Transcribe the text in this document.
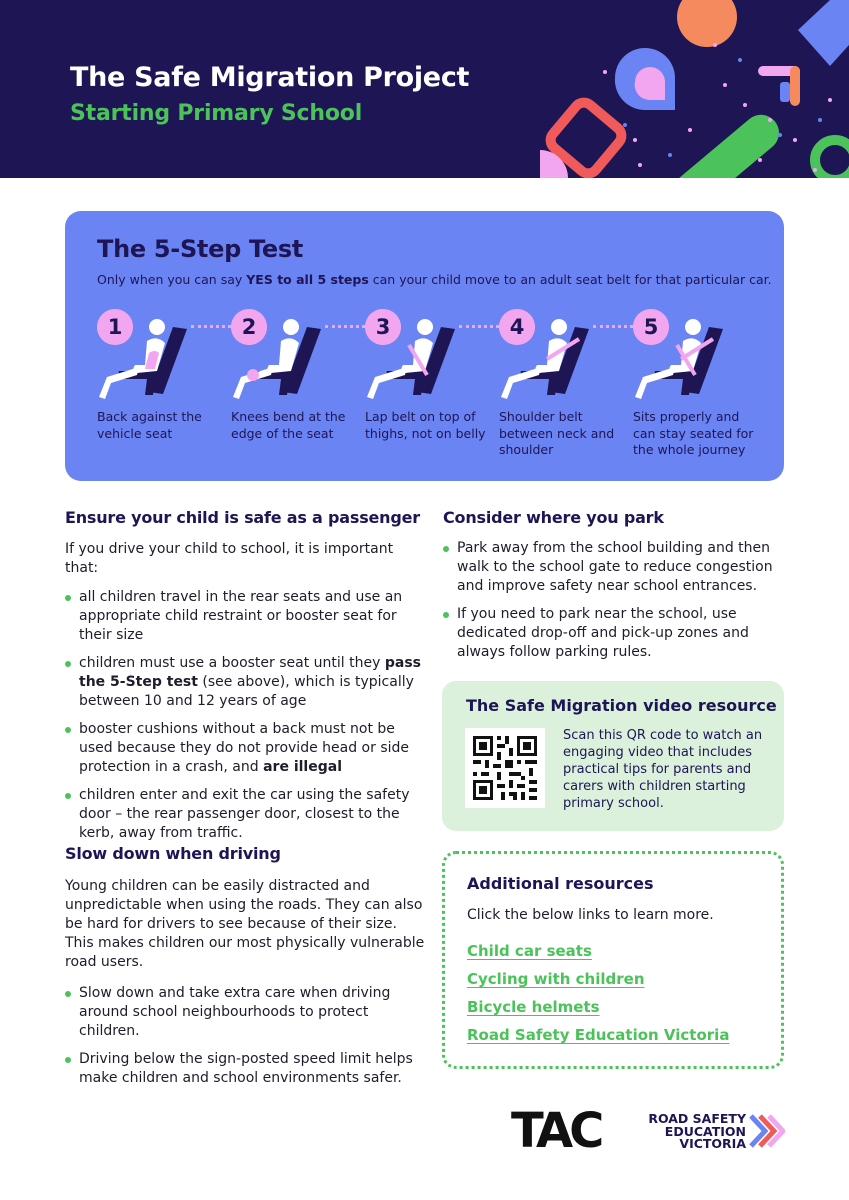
The Safe Migration Project
Starting Primary School
The 5-Step Test
Only when you can say YES to all 5 steps can your child move to an adult seat belt for that particular car.
1
Back against the vehicle seat
2
Knees bend at the edge of the seat
3
Lap belt on top of thighs, not on belly
4
Shoulder belt between neck and shoulder
5
Sits properly and can stay seated for the whole journey
Ensure your child is safe as a passenger

If you drive your child to school, it is important that:

all children travel in the rear seats and use an appropriate child restraint or booster seat for their size
children must use a booster seat until they pass the 5-Step test (see above), which is typically between 10 and 12 years of age
booster cushions without a back must not be used because they do not provide head or side protection in a crash, and are illegal
children enter and exit the car using the safety door – the rear passenger door, closest to the kerb, away from traffic.
Slow down when driving

Young children can be easily distracted and unpredictable when using the roads. They can also be hard for drivers to see because of their size. This makes children our most physically vulnerable road users.

Slow down and take extra care when driving around school neighbourhoods to protect children.
Driving below the sign-posted speed limit helps make children and school environments safer.
Consider where you park
Park away from the school building and then walk to the school gate to reduce congestion and improve safety near school entrances.
If you need to park near the school, use dedicated drop-off and pick-up zones and always follow parking rules.
The Safe Migration video resource
Scan this QR code to watch an engaging video that includes practical tips for parents and carers with children starting primary school.
Additional resources
Click the below links to learn more.
Child car seats
Cycling with children
Bicycle helmets
Road Safety Education Victoria
TAC	ROAD SAFETY
EDUCATION
VICTORIA
